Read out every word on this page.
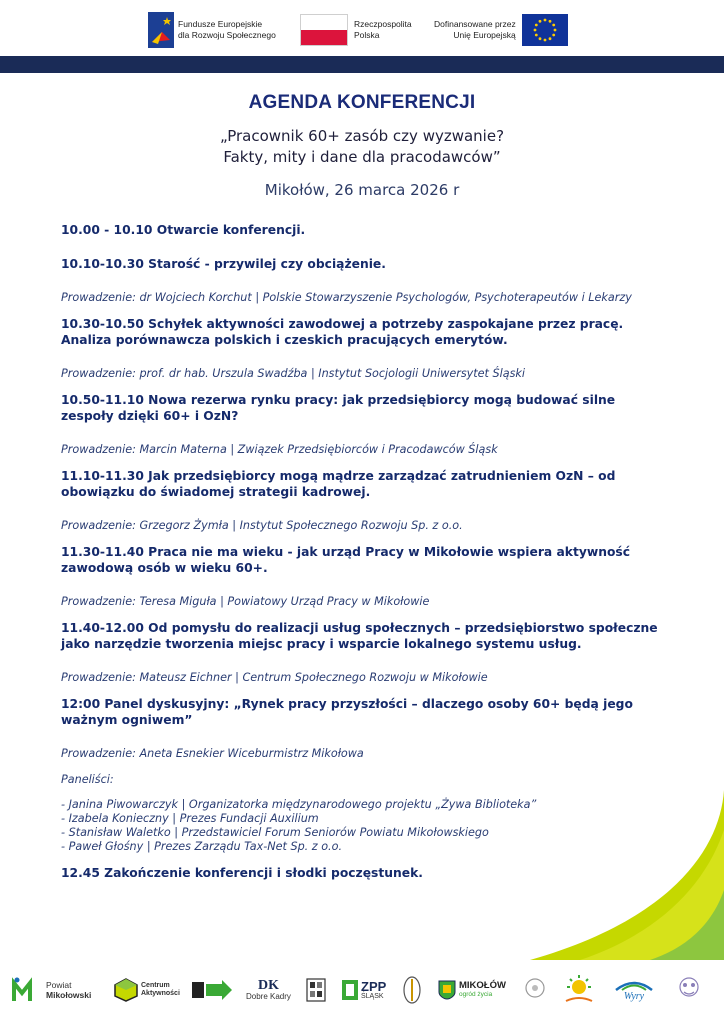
Fundusze Europejskie
dla Rozwoju Społecznego
Rzeczpospolita
Polska
Dofinansowane przez
Unię Europejską
AGENDA KONFERENCJI
„Pracownik 60+ zasób czy wyzwanie?
Fakty, mity i dane dla pracodawców”
Mikołów, 26 marca 2026 r

10.00 - 10.10 Otwarcie konferencji.

10.10-10.30 Starość - przywilej czy obciążenie.

Prowadzenie: dr Wojciech Korchut | Polskie Stowarzyszenie Psychologów, Psychoterapeutów i Lekarzy

10.30-10.50 Schyłek aktywności zawodowej a potrzeby zaspokajane przez pracę. Analiza porównawcza polskich i czeskich pracujących emerytów.

Prowadzenie: prof. dr hab. Urszula Swadźba | Instytut Socjologii Uniwersytet Śląski

10.50-11.10 Nowa rezerwa rynku pracy: jak przedsiębiorcy mogą budować silne zespoły dzięki 60+ i OzN?

Prowadzenie: Marcin Materna | Związek Przedsiębiorców i Pracodawców Śląsk

11.10-11.30 Jak przedsiębiorcy mogą mądrze zarządzać zatrudnieniem OzN – od obowiązku do świadomej strategii kadrowej.

Prowadzenie: Grzegorz Żymła | Instytut Społecznego Rozwoju Sp. z o.o.

11.30-11.40 Praca nie ma wieku - jak urząd Pracy w Mikołowie wspiera aktywność zawodową osób w wieku 60+.

Prowadzenie: Teresa Miguła | Powiatowy Urząd Pracy w Mikołowie

11.40-12.00 Od pomysłu do realizacji usług społecznych – przedsiębiorstwo społeczne jako narzędzie tworzenia miejsc pracy i wsparcie lokalnego systemu usług.

Prowadzenie: Mateusz Eichner | Centrum Społecznego Rozwoju w Mikołowie

12:00 Panel dyskusyjny: „Rynek pracy przyszłości – dlaczego osoby 60+ będą jego ważnym ogniwem”

Prowadzenie: Aneta Esnekier Wiceburmistrz Mikołowa

Paneliści:

- Janina Piwowarczyk | Organizatorka międzynarodowego projektu „Żywa Biblioteka”
- Izabela Konieczny | Prezes Fundacji Auxilium
- Stanisław Waletko | Przedstawiciel Forum Seniorów Powiatu Mikołowskiego
- Paweł Głośny | Prezes Zarządu Tax-Net Sp. z o.o.

12.45 Zakończenie konferencji i słodki poczęstunek.

Powiat
Mikołowski
Centrum
Aktywności
DK
Dobre Kadry
ZPP
ŚLĄSK
MIKOŁÓW
ogród życia	Wyry
